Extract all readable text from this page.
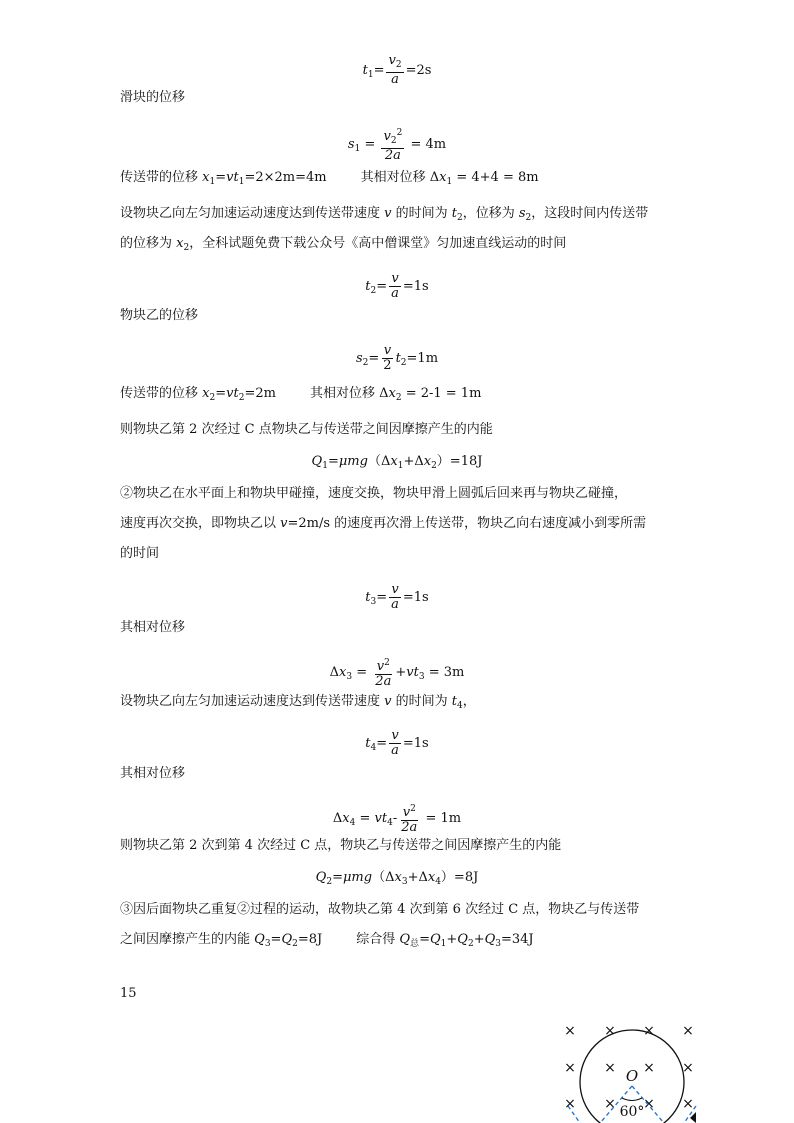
$t_1= \frac{v_2}{a} =2s$
滑块的位移
$s_1 = \frac{v_2^2}{2a} = 4m$
传送带的位移 $x_1=vt_1=2\times 2m=4m$	其相对位移 $\Delta x_1 = 4+4 = 8m$
设物块乙向左匀加速运动速度达到传送带速度 v 的时间为 $t_2$，位移为 $s_2$，这段时间内传送带
的位移为 $x_2$，全科试题免费下载公众号《高中僧课堂》匀加速直线运动的时间
$t_2= \frac{v}{a} =1s$
物块乙的位移
$s_2= \frac{v}{2} t_2=1m$
传送带的位移 $x_2=vt_2=2m$	其相对位移 $\Delta x_2 = 2-1 = 1m$
则物块乙第 2 次经过 C 点物块乙与传送带之间因摩擦产生的内能
$Q_1=\mu mg(\Delta x_1+\Delta x_2)=18J$
②物块乙在水平面上和物块甲碰撞，速度交换，物块甲滑上圆弧后回来再与物块乙碰撞，
速度再次交换，即物块乙以 v=2m/s 的速度再次滑上传送带，物块乙向右速度减小到零所需
的时间
$t_3= \frac{v}{a} =1s$
其相对位移
$\Delta x_3 = \frac{v^2}{2a} +vt_3 = 3m$
设物块乙向左匀加速运动速度达到传送带速度 v 的时间为 $t_4$，
$t_4= \frac{v}{a} =1s$
其相对位移
$\Delta x_4 = vt_4- \frac{v^2}{2a} = 1m$
则物块乙第 2 次到第 4 次经过 C 点，物块乙与传送带之间因摩擦产生的内能
$Q_2=\mu mg(\Delta x_3+\Delta x_4)=8J$
③因后面物块乙重复②过程的运动，故物块乙第 4 次到第 6 次经过 C 点，物块乙与传送带
之间因摩擦产生的内能 $Q_3=Q_2=8J$	综合得 $Q_总=Q_1+Q_2+Q_3=34J$
15
× × × ×
× × × ×
× × × ×
O
60°
